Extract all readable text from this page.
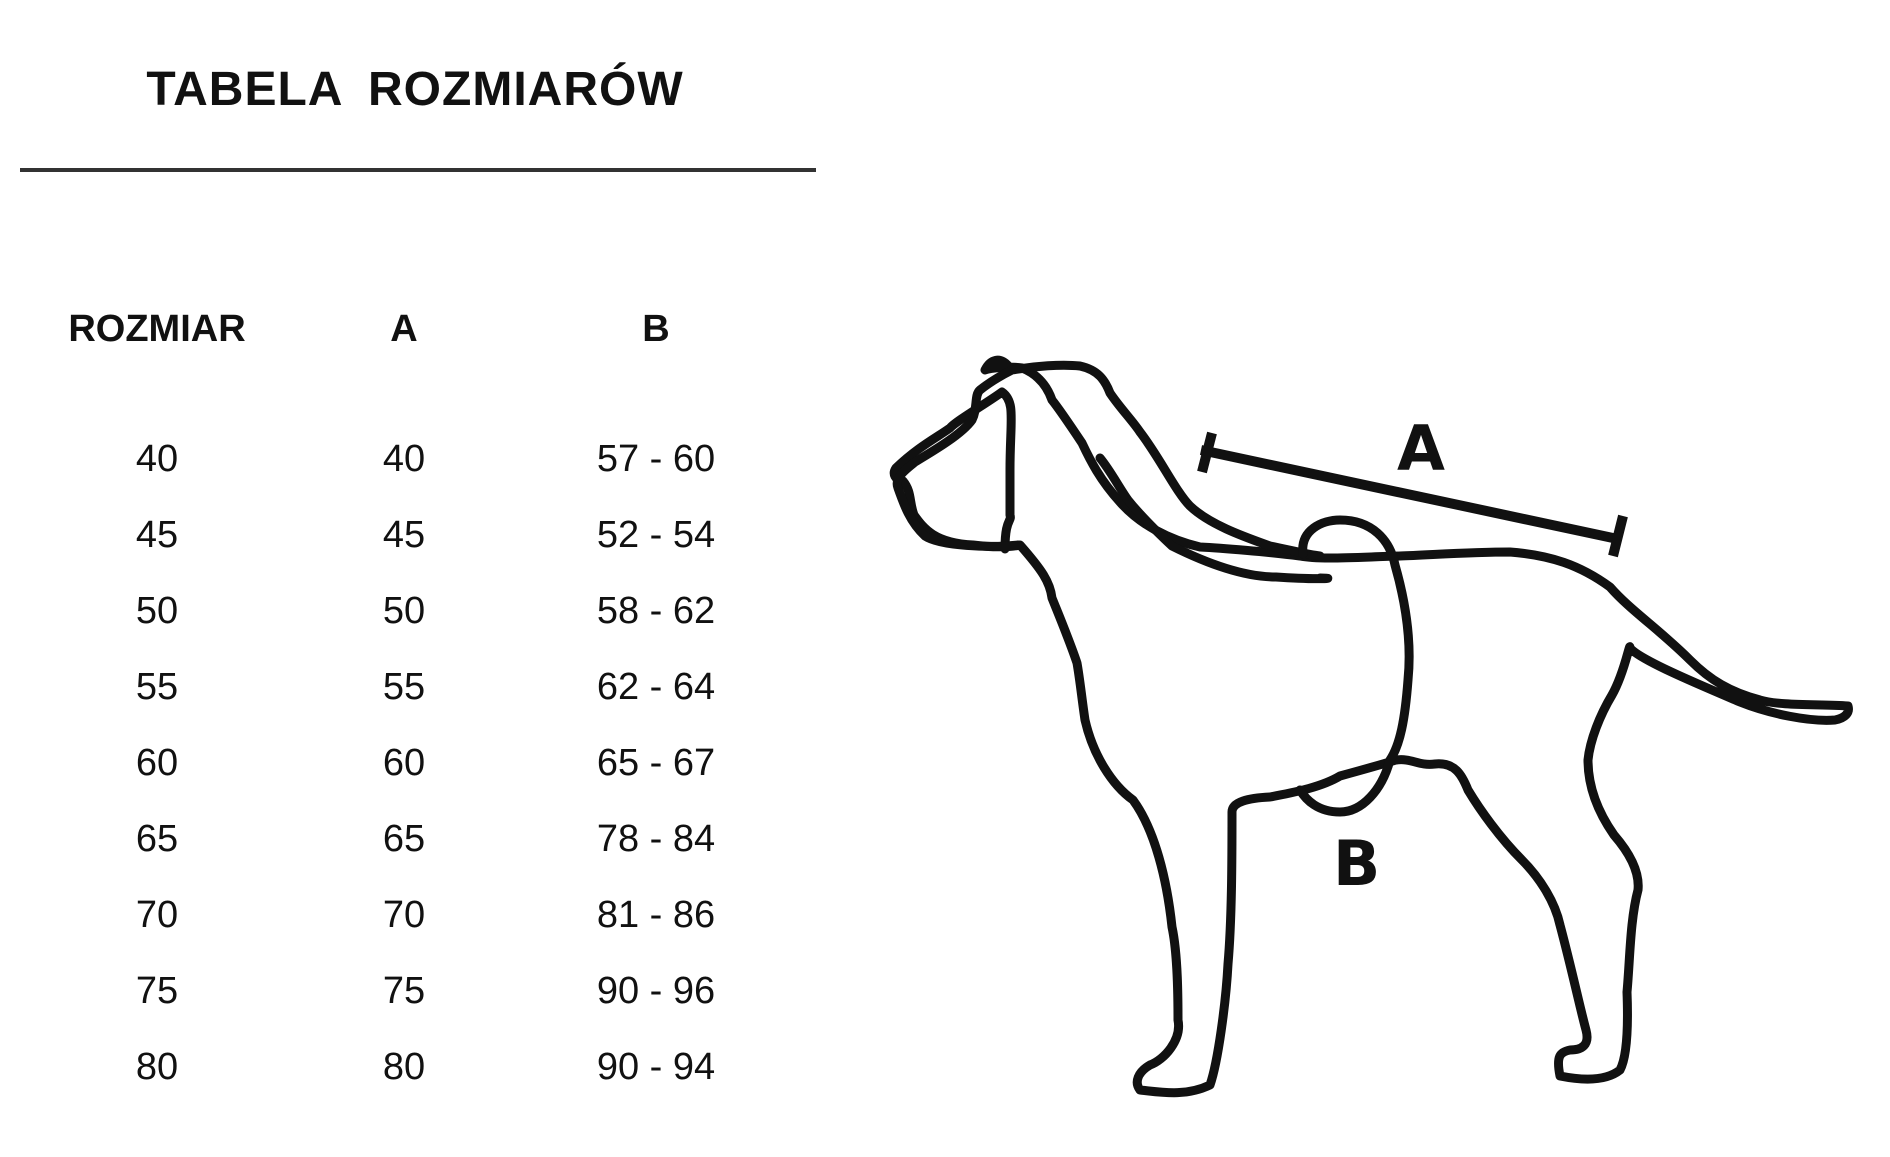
TABELA ROZMIARÓW
ROZMIAR	A	B
40	40	57 - 60
45	45	52 - 54
50	50	58 - 62
55	55	62 - 64
60	60	65 - 67
65	65	78 - 84
70	70	81 - 86
75	75	90 - 96
80	80	90 - 94
A
B
